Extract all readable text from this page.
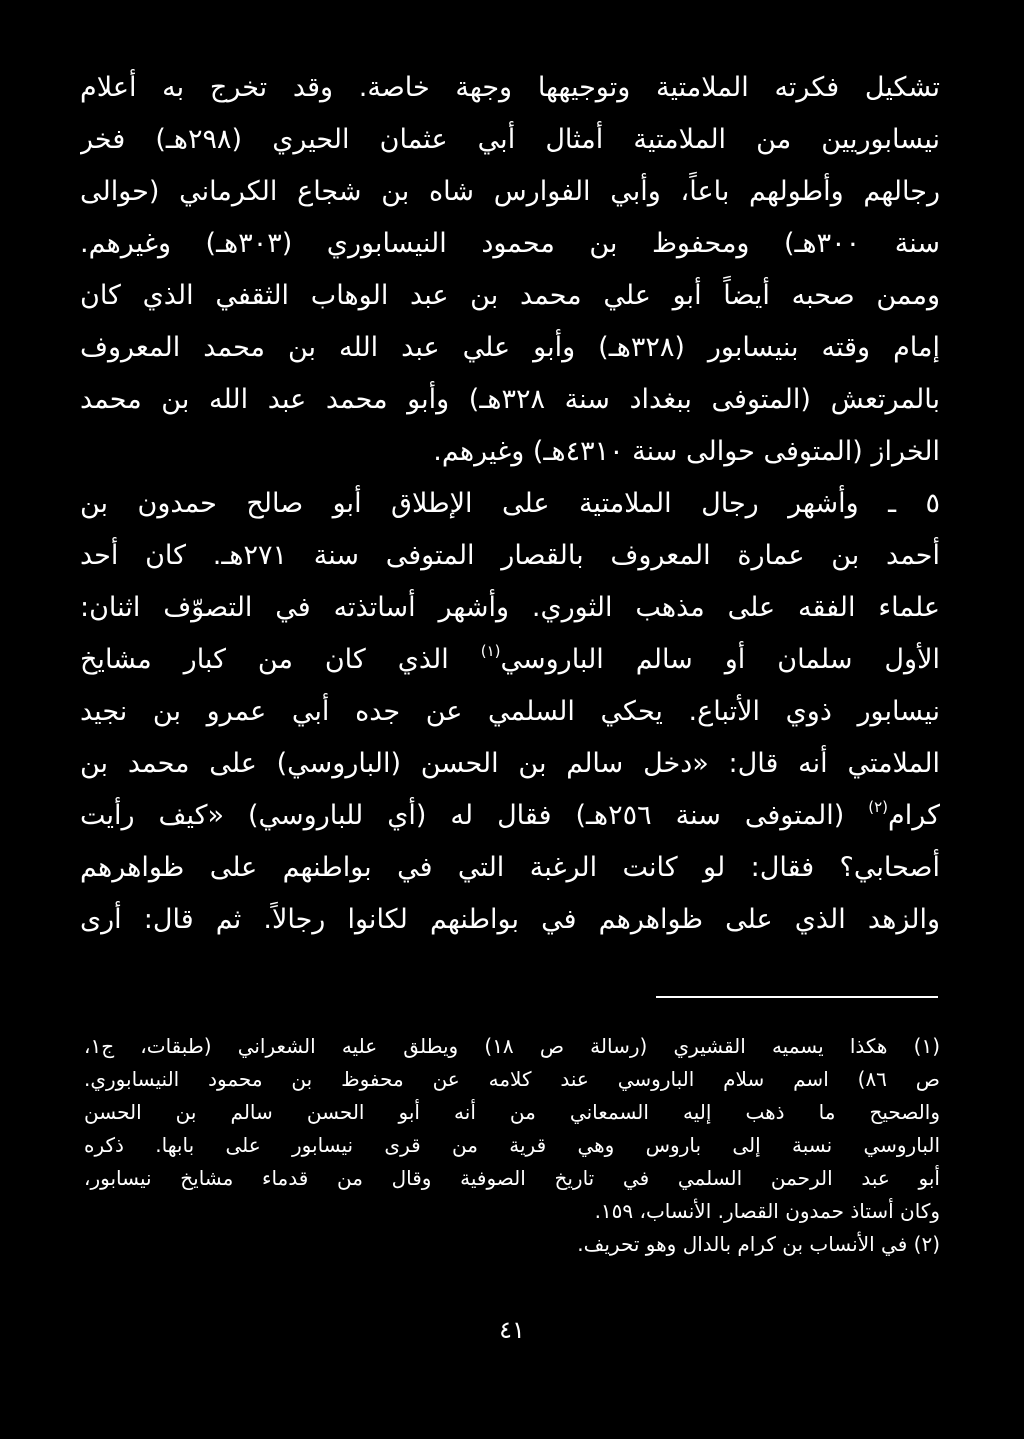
تشكيل فكرته الملامتية وتوجيهها وجهة خاصة. وقد تخرج به أعلام
نيسابوريين من الملامتية أمثال أبي عثمان الحيري (٢٩٨هـ) فخر
رجالهم وأطولهم باعاً، وأبي الفوارس شاه بن شجاع الكرماني (حوالى
سنة ٣٠٠هـ) ومحفوظ بن محمود النيسابوري (٣٠٣هـ) وغيرهم.
وممن صحبه أيضاً أبو علي محمد بن عبد الوهاب الثقفي الذي كان
إمام وقته بنيسابور (٣٢٨هـ) وأبو علي عبد الله بن محمد المعروف
بالمرتعش (المتوفى ببغداد سنة ٣٢٨هـ) وأبو محمد عبد الله بن محمد
الخراز (المتوفى حوالى سنة ٤٣١٠هـ) وغيرهم.
٥ ـ وأشهر رجال الملامتية على الإطلاق أبو صالح حمدون بن
أحمد بن عمارة المعروف بالقصار المتوفى سنة ٢٧١هـ. كان أحد
علماء الفقه على مذهب الثوري. وأشهر أساتذته في التصوّف اثنان:
الأول سلمان أو سالم الباروسي$^{(١)}$ الذي كان من كبار مشايخ
نيسابور ذوي الأتباع. يحكي السلمي عن جده أبي عمرو بن نجيد
الملامتي أنه قال: «دخل سالم بن الحسن (الباروسي) على محمد بن
كرام$^{(٢)}$ (المتوفى سنة ٢٥٦هـ) فقال له (أي للباروسي) «كيف رأيت
أصحابي؟ فقال: لو كانت الرغبة التي في بواطنهم على ظواهرهم
والزهد الذي على ظواهرهم في بواطنهم لكانوا رجالاً. ثم قال: أرى
(١) هكذا يسميه القشيري (رسالة ص ١٨) ويطلق عليه الشعراني (طبقات، ج١،
ص ٨٦) اسم سلام الباروسي عند كلامه عن محفوظ بن محمود النيسابوري.
والصحيح ما ذهب إليه السمعاني من أنه أبو الحسن سالم بن الحسن
الباروسي نسبة إلى باروس وهي قرية من قرى نيسابور على بابها. ذكره
أبو عبد الرحمن السلمي في تاريخ الصوفية وقال من قدماء مشايخ نيسابور،
وكان أستاذ حمدون القصار. الأنساب، ١٥٩.
(٢) في الأنساب بن كرام بالدال وهو تحريف.
٤١
